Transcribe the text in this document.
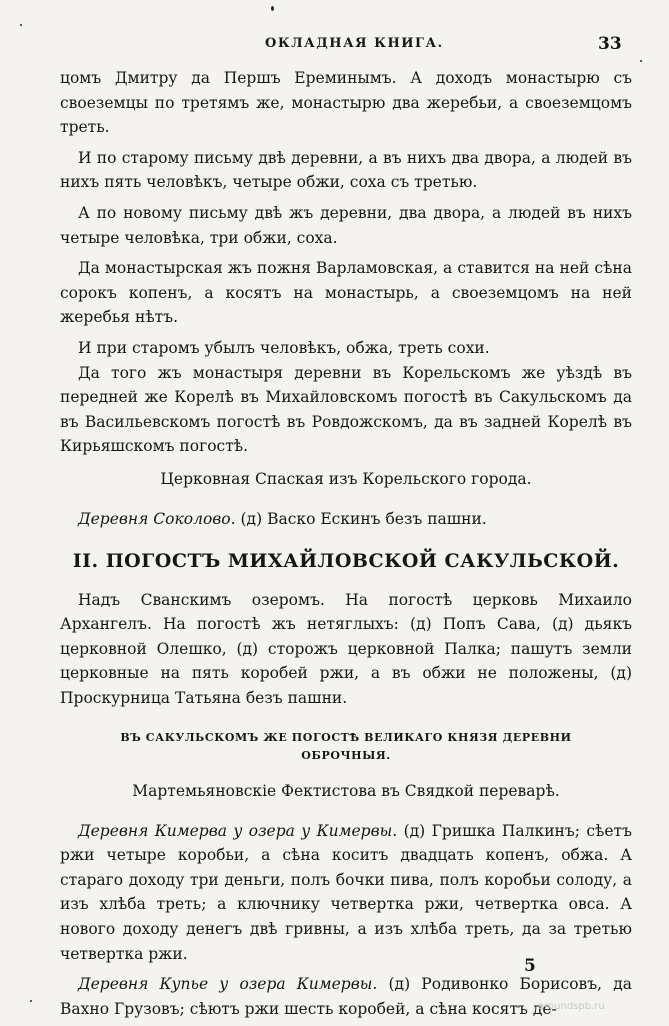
ОКЛАДНАЯ КНИГА.	33

цомъ Дмитру да Першъ Ереминымъ. А доходъ монастырю съ своеземцы по третямъ же, монастырю два жеребьи, а своеземцомъ треть.

И по старому письму двѣ деревни, а въ нихъ два двора, а людей въ нихъ пять человѣкъ, четыре обжи, соха съ третью.

А по новому письму двѣ жъ деревни, два двора, а людей въ нихъ четыре человѣка, три обжи, соха.

Да монастырская жъ пожня Варламовская, а ставится на ней сѣна сорокъ копенъ, а косятъ на монастырь, а своеземцомъ на ней жеребья нѣтъ.

И при старомъ убылъ человѣкъ, обжа, треть сохи.

Да того жъ монастыря деревни въ Корельскомъ же уѣздѣ въ передней же Корелѣ въ Михайловскомъ погостѣ въ Сакульскомъ да въ Васильевскомъ погостѣ въ Ровдожскомъ, да въ задней Корелѣ въ Кирьяшскомъ погостѣ.

Церковная Спаская изъ Корельского города.

Деревня Соколово. (д) Васко Ескинъ безъ пашни.

II. ПОГОСТЪ МИХАЙЛОВСКОЙ САКУЛЬСКОЙ.

Надъ Сванскимъ озеромъ. На погостѣ церковь Михаило Архангелъ. На погостѣ жъ нетяглыхъ: (д) Попъ Сава, (д) дьякъ церковной Олешко, (д) сторожъ церковной Палка; пашутъ земли церковные на пять коробей ржи, а въ обжи не положены, (д) Проскурница Татьяна безъ пашни.

ВЪ САКУЛЬСКОМЪ ЖЕ ПОГОСТѢ ВЕЛИКАГО КНЯЗЯ ДЕРЕВНИ
ОБРОЧНЫЯ.

Мартемьяновскiе Фектистова въ Свядкой переварѣ.

Деревня Кимерва у озера у Кимервы. (д) Гришка Палкинъ; сѣетъ ржи четыре коробьи, а сѣна коситъ двадцать копенъ, обжа. А стараго доходу три деньги, полъ бочки пива, полъ коробьи солоду, а изъ хлѣба треть; а ключнику четвертка ржи, четвертка овса. А нового доходу денегъ двѣ гривны, а изъ хлѣба треть, да за третью четвертка ржи.

Деревня Купье у озера Кимервы. (д) Родивонко Борисовъ, да Вахно Грузовъ; сѣютъ ржи шесть коробей, а сѣна косятъ де-

5
aroundspb.ru
